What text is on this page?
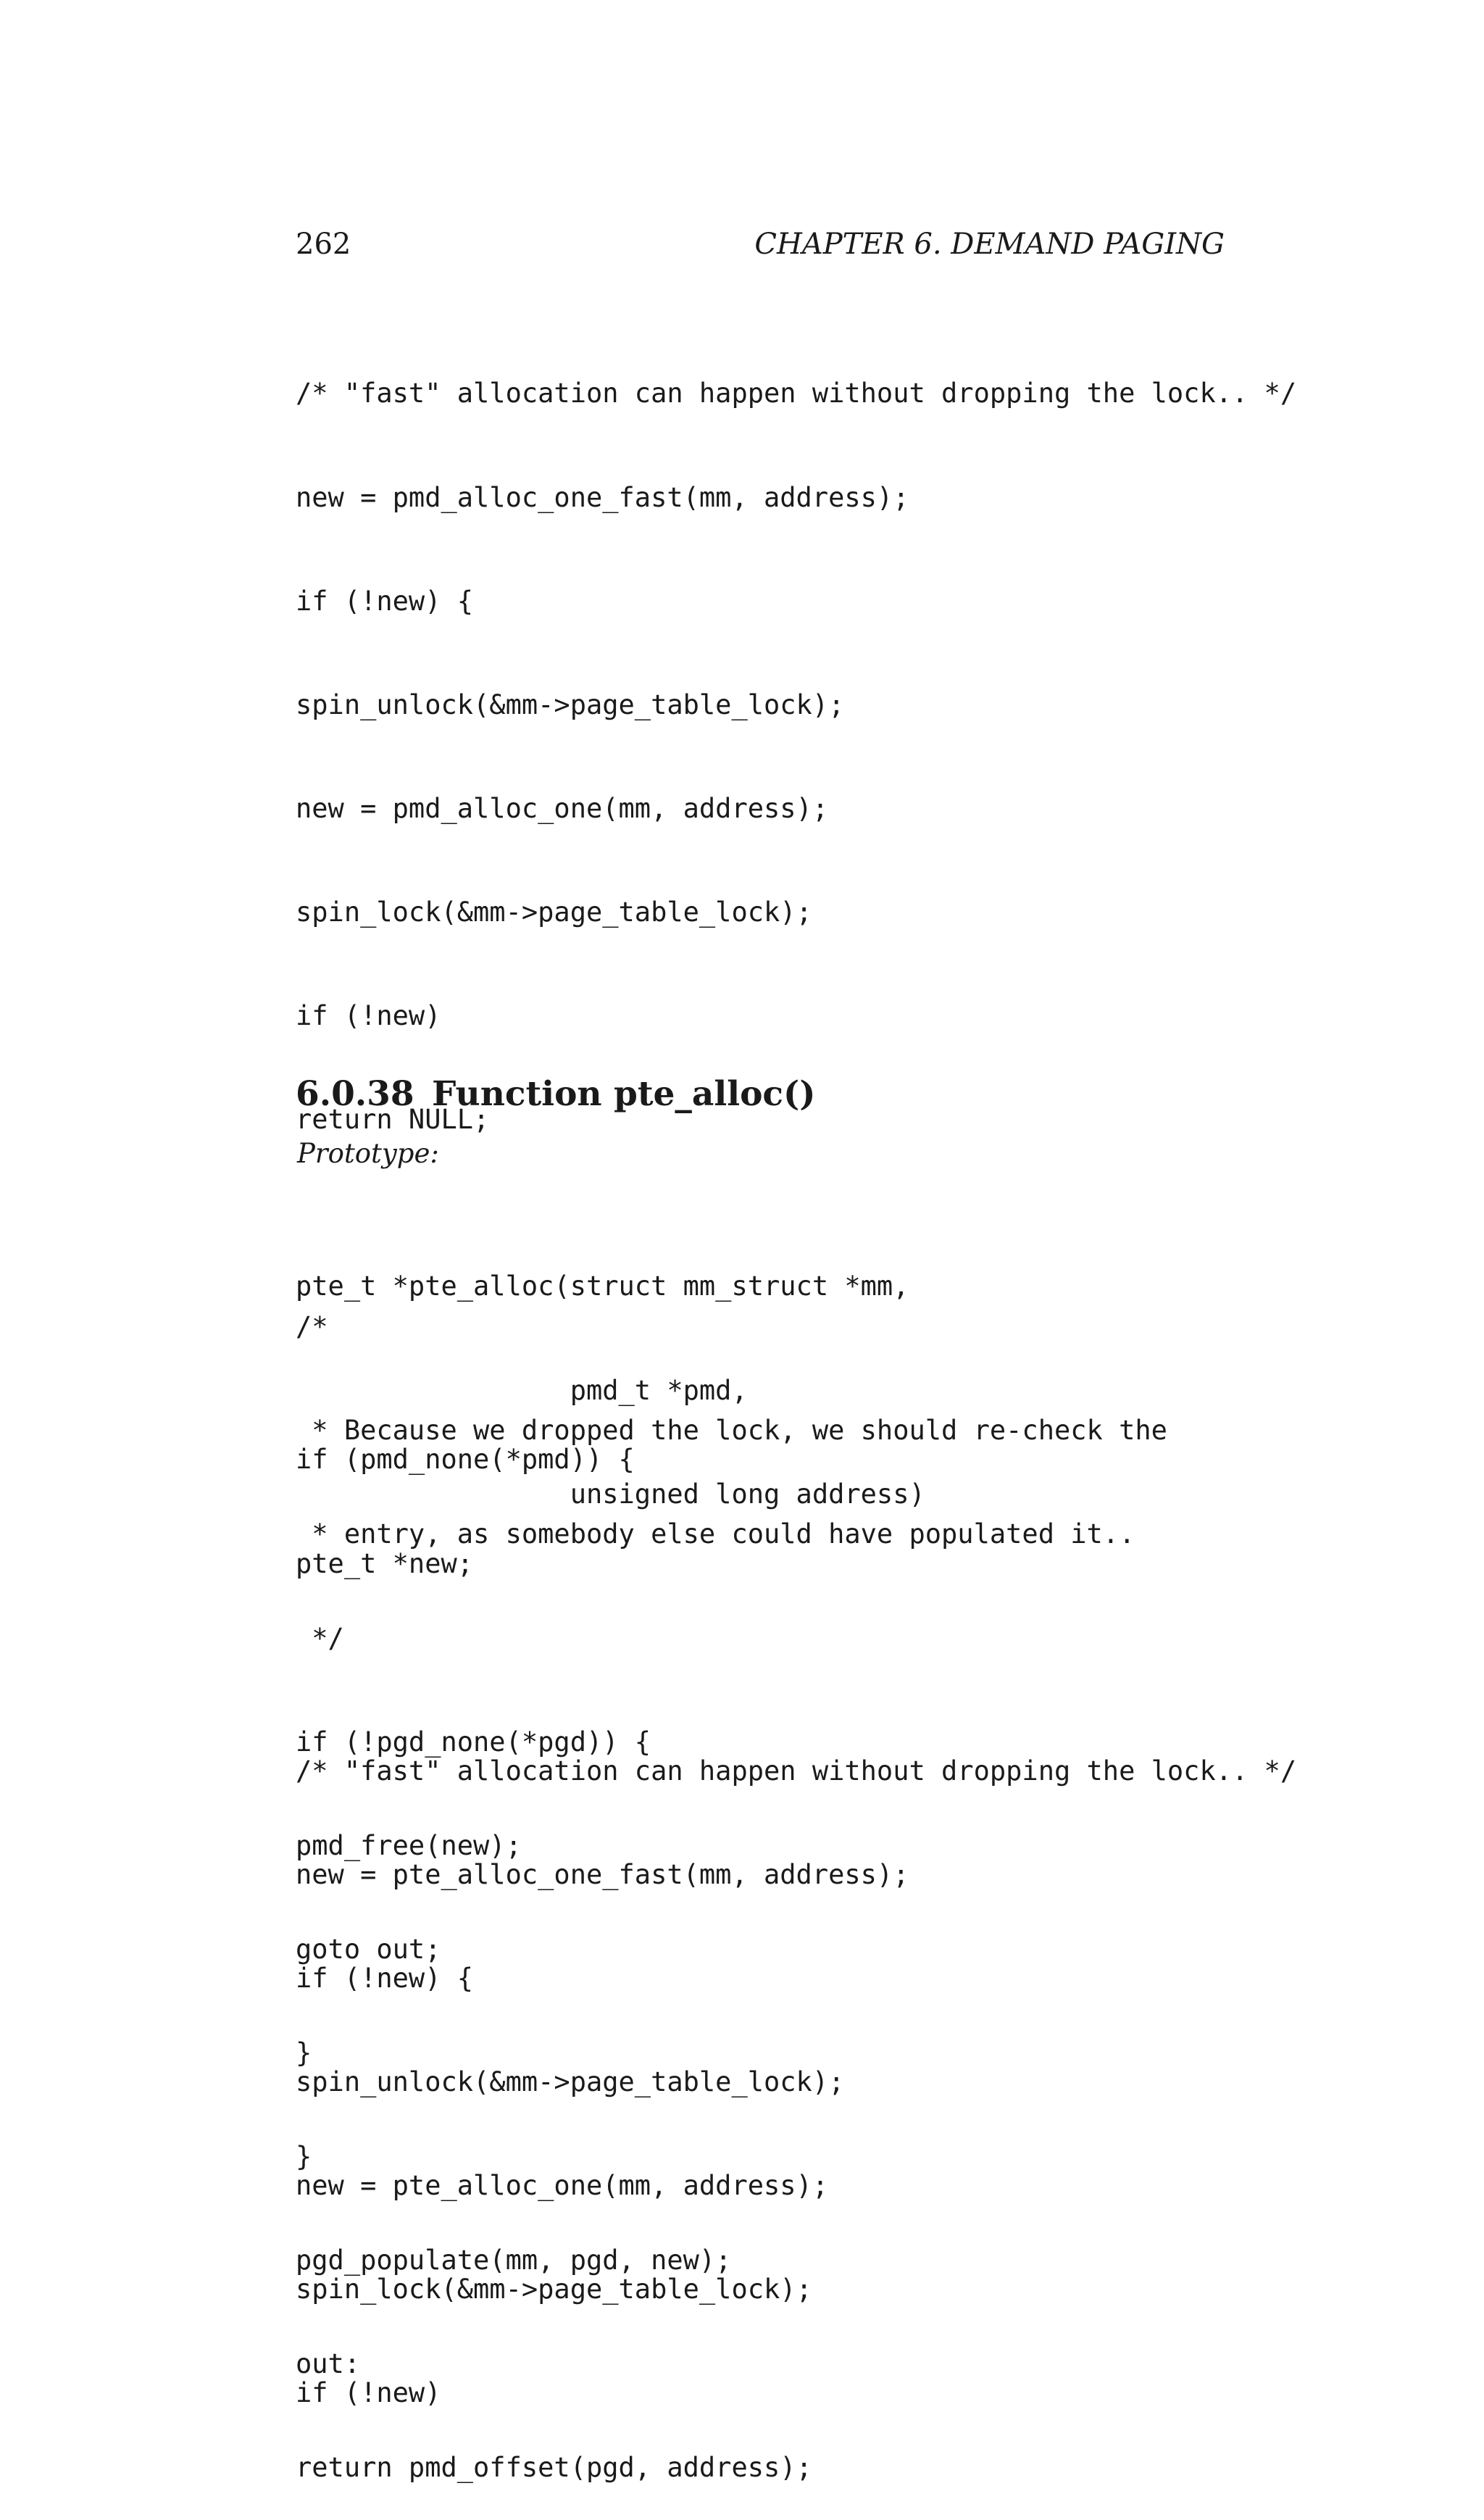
262	CHAPTER 6. DEMAND PAGING

/* "fast" allocation can happen without dropping the lock.. */

new = pmd_alloc_one_fast(mm, address);

if (!new) {

spin_unlock(&mm->page_table_lock);

new = pmd_alloc_one(mm, address);

spin_lock(&mm->page_table_lock);

if (!new)

return NULL;

/*

* Because we dropped the lock, we should re-check the

* entry, as somebody else could have populated it..

*/

if (!pgd_none(*pgd)) {

pmd_free(new);

goto out;

}

}

pgd_populate(mm, pgd, new);

out:

return pmd_offset(pgd, address);

6.0.38 Function pte_alloc()
Prototype:

pte_t *pte_alloc(struct mm_struct *mm,

pmd_t *pmd,

unsigned long address)

if (pmd_none(*pmd)) {

pte_t *new;

/* "fast" allocation can happen without dropping the lock.. */

new = pte_alloc_one_fast(mm, address);

if (!new) {

spin_unlock(&mm->page_table_lock);

new = pte_alloc_one(mm, address);

spin_lock(&mm->page_table_lock);

if (!new)
